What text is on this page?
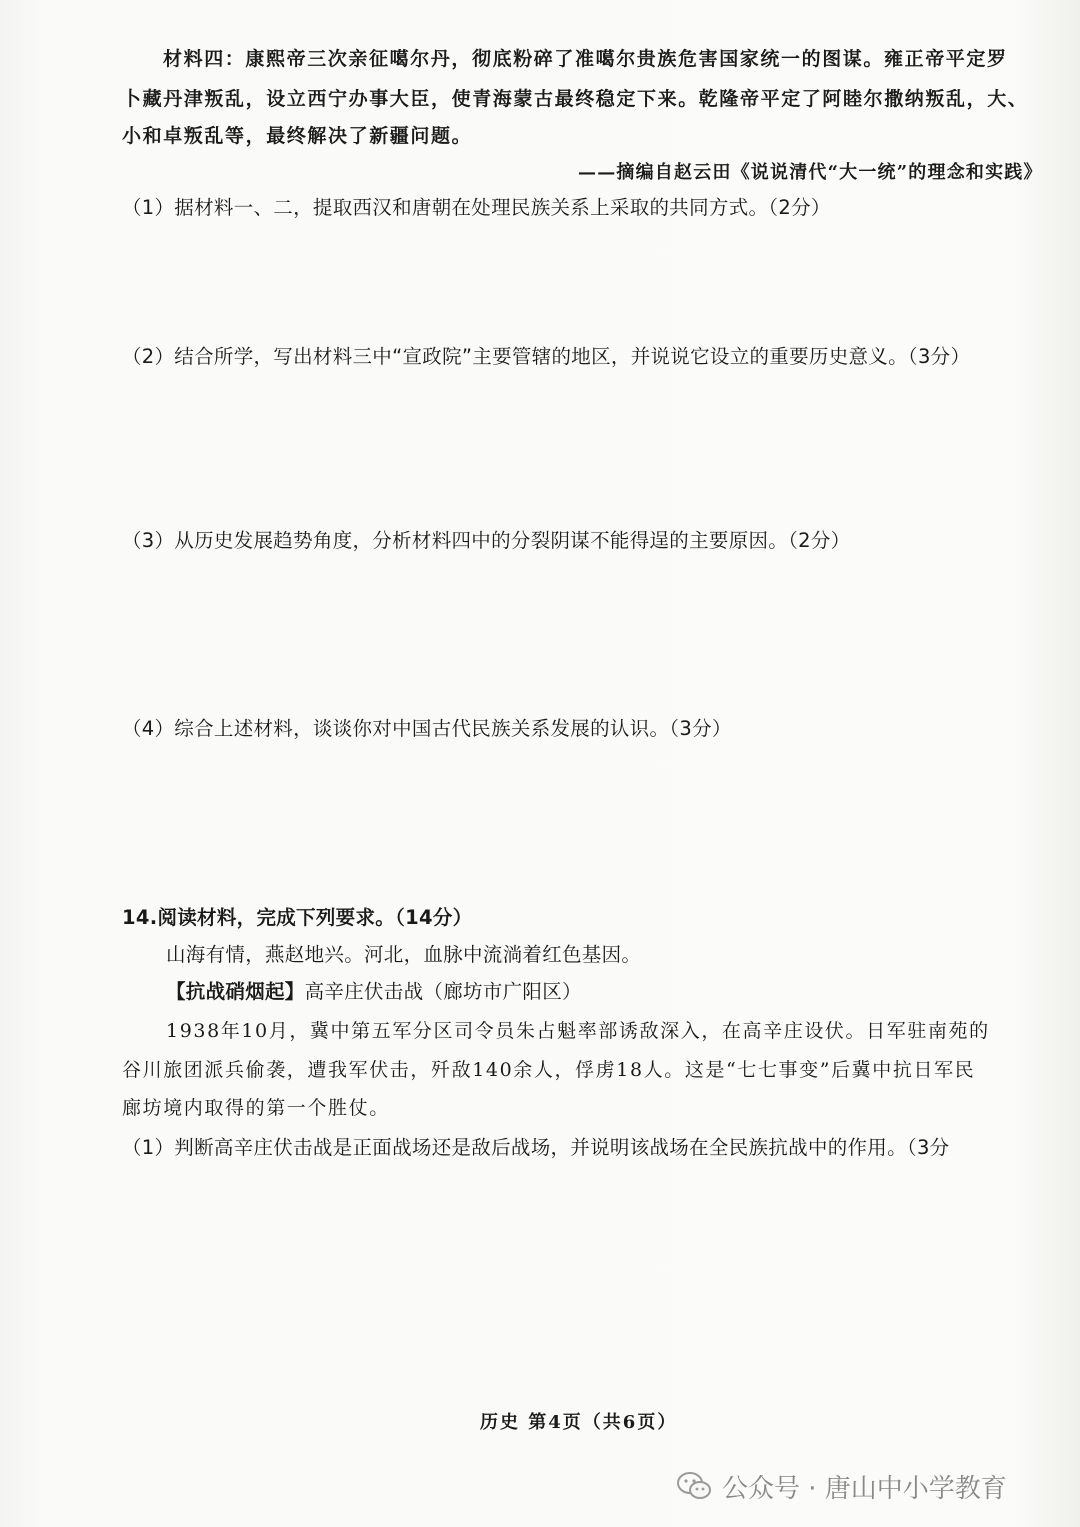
材料四：康熙帝三次亲征噶尔丹，彻底粉碎了准噶尔贵族危害国家统一的图谋。雍正帝平定罗
卜藏丹津叛乱，设立西宁办事大臣，使青海蒙古最终稳定下来。乾隆帝平定了阿睦尔撒纳叛乱，大、
小和卓叛乱等，最终解决了新疆问题。
——摘编自赵云田《说说清代“大一统”的理念和实践》
（1）据材料一、二，提取西汉和唐朝在处理民族关系上采取的共同方式。（2分）
（2）结合所学，写出材料三中“宣政院”主要管辖的地区，并说说它设立的重要历史意义。（3分）
（3）从历史发展趋势角度，分析材料四中的分裂阴谋不能得逞的主要原因。（2分）
（4）综合上述材料，谈谈你对中国古代民族关系发展的认识。（3分）
14.阅读材料，完成下列要求。（14分）
山海有情，燕赵地兴。河北，血脉中流淌着红色基因。
【抗战硝烟起】高辛庄伏击战（廊坊市广阳区）
1938年10月，冀中第五军分区司令员朱占魁率部诱敌深入，在高辛庄设伏。日军驻南苑的
谷川旅团派兵偷袭，遭我军伏击，歼敌140余人，俘虏18人。这是“七七事变”后冀中抗日军民
廊坊境内取得的第一个胜仗。
（1）判断高辛庄伏击战是正面战场还是敌后战场，并说明该战场在全民族抗战中的作用。（3分
历史 第4页（共6页）
公众号 · 唐山中小学教育
